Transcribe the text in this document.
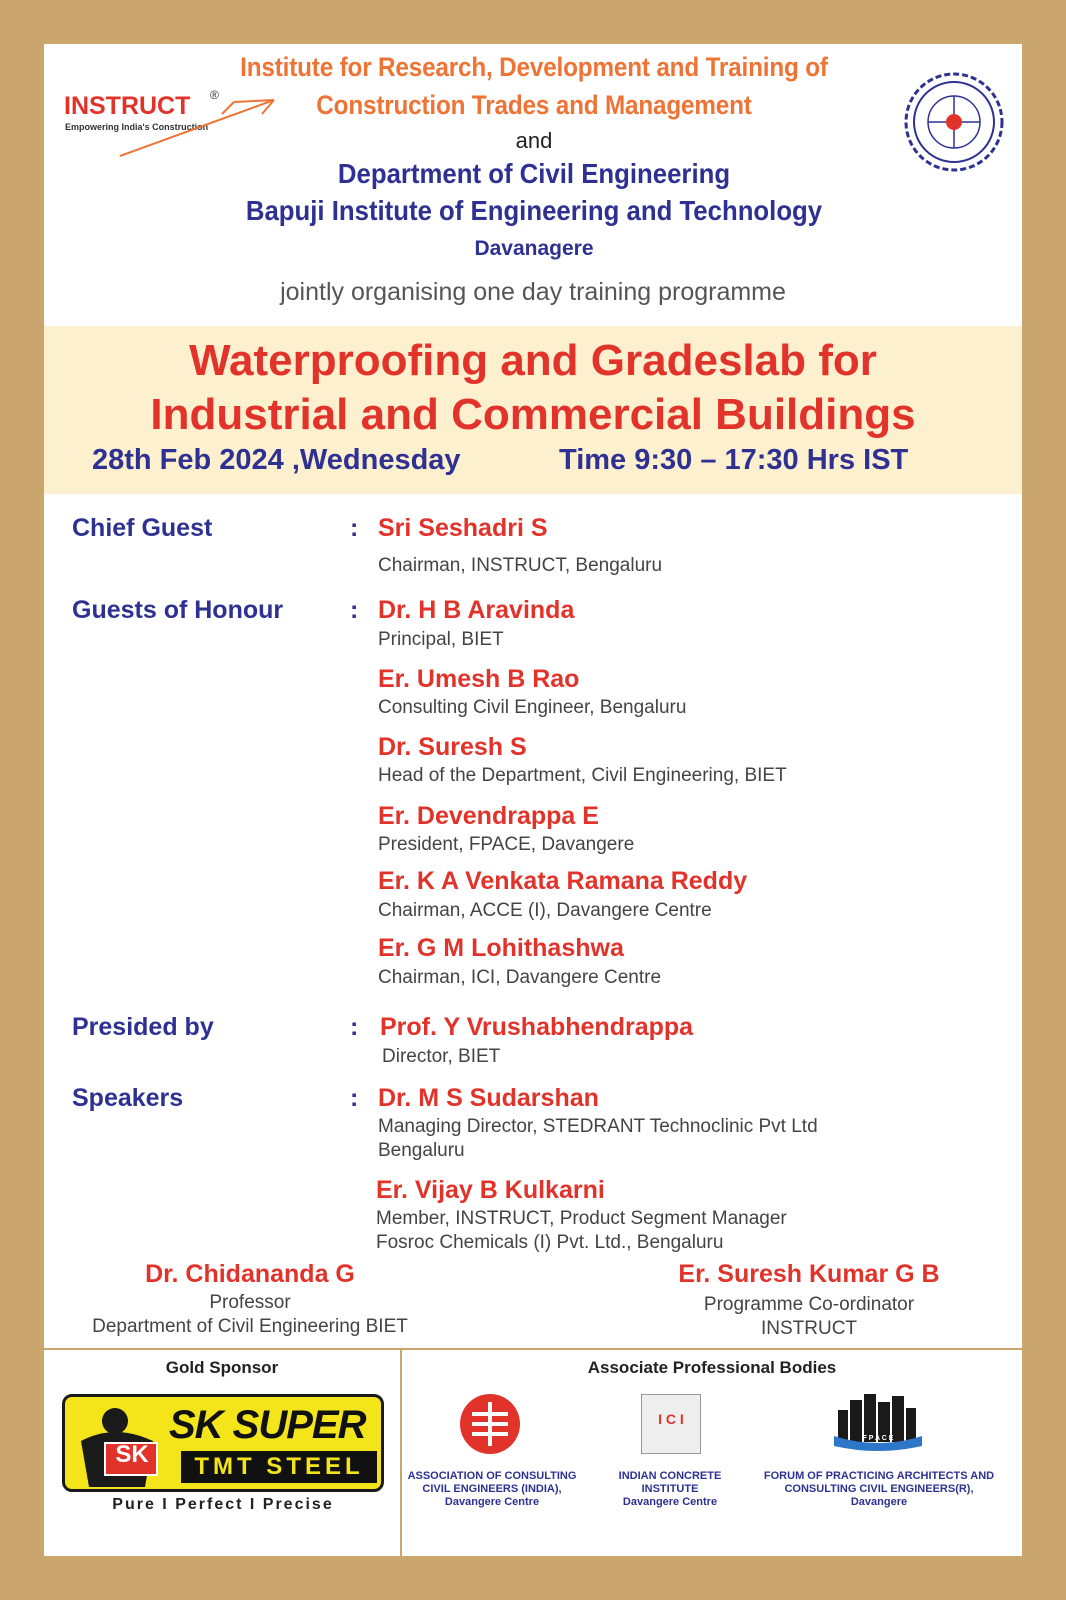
INSTRUCT ®
Empowering India's Construction
Institute for Research, Development and Training of
Construction Trades and Management
and
Department of Civil Engineering
Bapuji Institute of Engineering and Technology
Davanagere
jointly organising one day training programme
Waterproofing and Gradeslab for
Industrial and Commercial Buildings
28th Feb 2024 ,Wednesday	Time 9:30 – 17:30 Hrs IST
Chief Guest	: Sri Seshadri S
Chairman, INSTRUCT, Bengaluru
Guests of Honour	: Dr. H B Aravinda
Principal, BIET
Er. Umesh B Rao
Consulting Civil Engineer, Bengaluru
Dr. Suresh S
Head of the Department, Civil Engineering, BIET
Er. Devendrappa E
President, FPACE, Davangere
Er. K A Venkata Ramana Reddy
Chairman, ACCE (I), Davangere Centre
Er. G M Lohithashwa
Chairman, ICI, Davangere Centre
Presided by	: Prof. Y Vrushabhendrappa
Director, BIET
Speakers	: Dr. M S Sudarshan
Managing Director, STEDRANT Technoclinic Pvt Ltd
Bengaluru
Er. Vijay B Kulkarni
Member, INSTRUCT, Product Segment Manager
Fosroc Chemicals (I) Pvt. Ltd., Bengaluru
Dr. Chidananda G
Professor
Department of Civil Engineering BIET
Er. Suresh Kumar G B
Programme Co-ordinator
INSTRUCT
Gold Sponsor
SK
SK SUPER
TMT STEEL
Pure I Perfect I Precise
Associate Professional Bodies
ASSOCIATION OF CONSULTING
CIVIL ENGINEERS (INDIA),
Davangere Centre
I C I
INDIAN CONCRETE INSTITUTE
Davangere Centre
F P A C E
FORUM OF PRACTICING ARCHITECTS AND
CONSULTING CIVIL ENGINEERS(R),
Davangere
